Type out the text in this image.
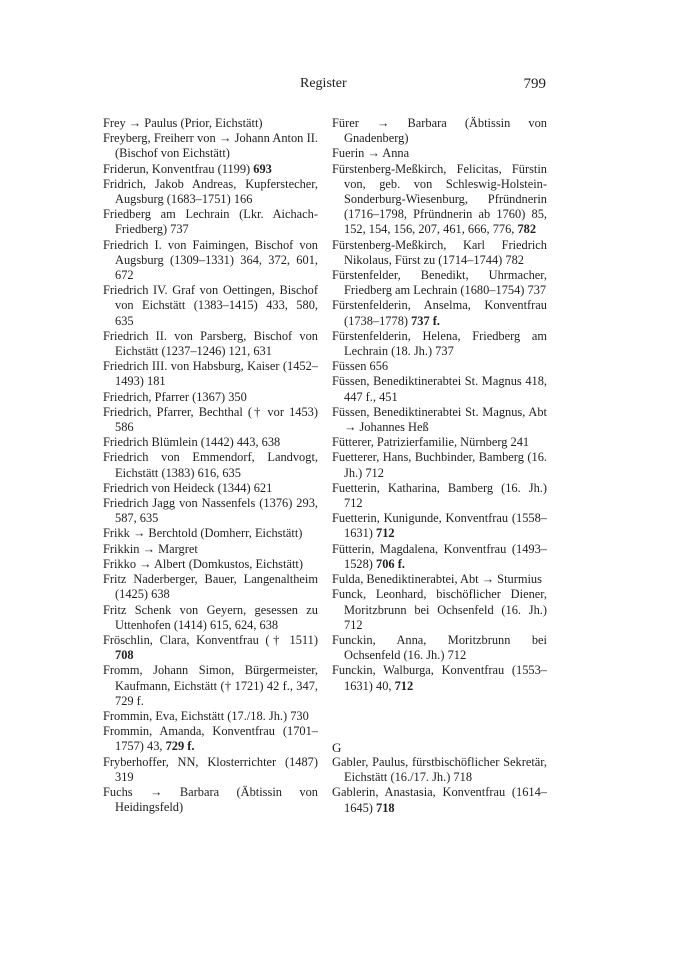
Register	799

Frey → Paulus (Prior, Eichstätt)

Freyberg, Freiherr von → Johann Anton II. (Bischof von Eichstätt)

Friderun, Konventfrau (1199) 693

Fridrich, Jakob Andreas, Kupferstecher, Augsburg (1683–1751) 166

Friedberg am Lechrain (Lkr. Aichach-Friedberg) 737

Friedrich I. von Faimingen, Bischof von Augsburg (1309–1331) 364, 372, 601, 672

Friedrich IV. Graf von Oettingen, Bischof von Eichstätt (1383–1415) 433, 580, 635

Friedrich II. von Parsberg, Bischof von Eichstätt (1237–1246) 121, 631

Friedrich III. von Habsburg, Kaiser (1452–1493) 181

Friedrich, Pfarrer (1367) 350

Friedrich, Pfarrer, Bechthal († vor 1453) 586

Friedrich Blümlein (1442) 443, 638

Friedrich von Emmendorf, Landvogt, Eichstätt (1383) 616, 635

Friedrich von Heideck (1344) 621

Friedrich Jagg von Nassenfels (1376) 293, 587, 635

Frikk → Berchtold (Domherr, Eichstätt)

Frikkin → Margret

Frikko → Albert (Domkustos, Eichstätt)

Fritz Naderberger, Bauer, Langenaltheim (1425) 638

Fritz Schenk von Geyern, gesessen zu Uttenhofen (1414) 615, 624, 638

Fröschlin, Clara, Konventfrau († 1511) 708

Fromm, Johann Simon, Bürgermeister, Kaufmann, Eichstätt († 1721) 42 f., 347, 729 f.

Frommin, Eva, Eichstätt (17./18. Jh.) 730

Frommin, Amanda, Konventfrau (1701–1757) 43, 729 f.

Fryberhoffer, NN, Klosterrichter (1487) 319

Fuchs → Barbara (Äbtissin von Heidingsfeld)

Fürer → Barbara (Äbtissin von Gnadenberg)

Fuerin → Anna

Fürstenberg-Meßkirch, Felicitas, Fürstin von, geb. von Schleswig-Holstein-Sonderburg-Wiesenburg, Pfründnerin (1716–1798, Pfründnerin ab 1760) 85, 152, 154, 156, 207, 461, 666, 776, 782

Fürstenberg-Meßkirch, Karl Friedrich Nikolaus, Fürst zu (1714–1744) 782

Fürstenfelder, Benedikt, Uhrmacher, Friedberg am Lechrain (1680–1754) 737

Fürstenfelderin, Anselma, Konventfrau (1738–1778) 737 f.

Fürstenfelderin, Helena, Friedberg am Lechrain (18. Jh.) 737

Füssen 656

Füssen, Benediktinerabtei St. Magnus 418, 447 f., 451

Füssen, Benediktinerabtei St. Magnus, Abt → Johannes Heß

Fütterer, Patrizierfamilie, Nürnberg 241

Fuetterer, Hans, Buchbinder, Bamberg (16. Jh.) 712

Fuetterin, Katharina, Bamberg (16. Jh.) 712

Fuetterin, Kunigunde, Konventfrau (1558–1631) 712

Fütterin, Magdalena, Konventfrau (1493–1528) 706 f.

Fulda, Benediktinerabtei, Abt → Sturmius

Funck, Leonhard, bischöflicher Diener, Moritzbrunn bei Ochsenfeld (16. Jh.) 712

Funckin, Anna, Moritzbrunn bei Ochsenfeld (16. Jh.) 712

Funckin, Walburga, Konventfrau (1553–1631) 40, 712

G

Gabler, Paulus, fürstbischöflicher Sekretär, Eichstätt (16./17. Jh.) 718

Gablerin, Anastasia, Konventfrau (1614–1645) 718
